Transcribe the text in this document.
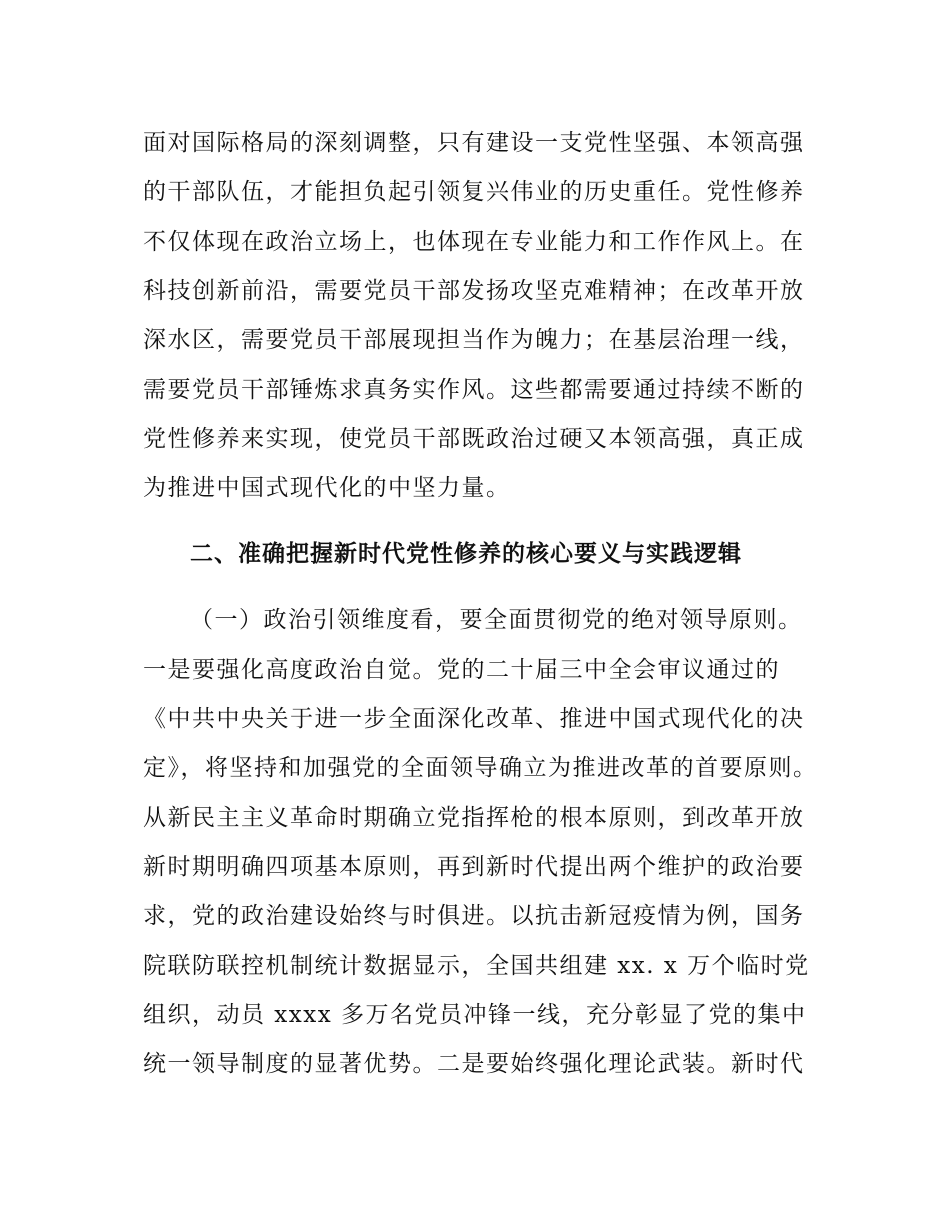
面对国际格局的深刻调整，只有建设一支党性坚强、本领高强
的干部队伍，才能担负起引领复兴伟业的历史重任。党性修养
不仅体现在政治立场上，也体现在专业能力和工作作风上。在
科技创新前沿，需要党员干部发扬攻坚克难精神；在改革开放
深水区，需要党员干部展现担当作为魄力；在基层治理一线，
需要党员干部锤炼求真务实作风。这些都需要通过持续不断的
党性修养来实现，使党员干部既政治过硬又本领高强，真正成
为推进中国式现代化的中坚力量。
二、准确把握新时代党性修养的核心要义与实践逻辑
（一）政治引领维度看，要全面贯彻党的绝对领导原则。
一是要强化高度政治自觉。党的二十届三中全会审议通过的
《中共中央关于进一步全面深化改革、推进中国式现代化的决
定》，将坚持和加强党的全面领导确立为推进改革的首要原则。
从新民主主义革命时期确立党指挥枪的根本原则，到改革开放
新时期明确四项基本原则，再到新时代提出两个维护的政治要
求，党的政治建设始终与时俱进。以抗击新冠疫情为例，国务
院联防联控机制统计数据显示，全国共组建 xx. x 万个临时党
组织，动员 xxxx 多万名党员冲锋一线，充分彰显了党的集中
统一领导制度的显著优势。二是要始终强化理论武装。新时代
